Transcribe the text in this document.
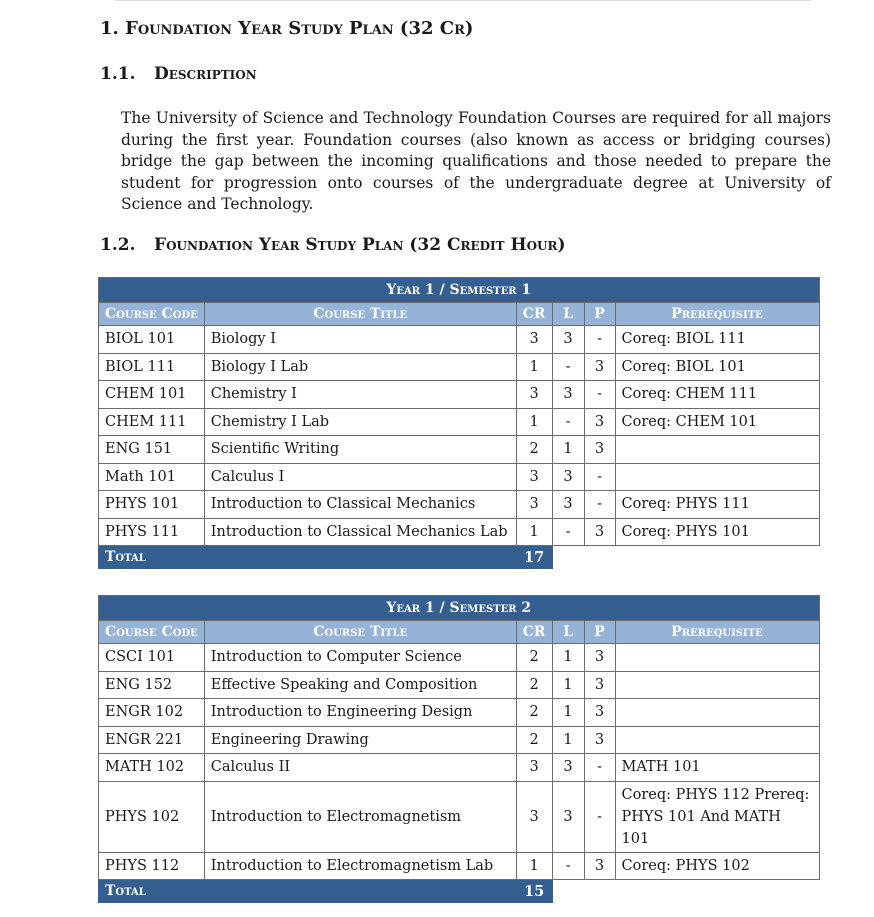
1. Foundation Year Study Plan (32 Cr)
1.1. Description
The University of Science and Technology Foundation Courses are required for all majors during the first year. Foundation courses (also known as access or bridging courses) bridge the gap between the incoming qualifications and those needed to prepare the student for progression onto courses of the undergraduate degree at University of Science and Technology.
1.2. Foundation Year Study Plan (32 Credit Hour)
Year 1 / Semester 1					
Course Code	Course Title	CR	L	P	Prerequisite
BIOL 101	Biology I	3	3	-	Coreq: BIOL 111
BIOL 111	Biology I Lab	1	-	3	Coreq: BIOL 101
CHEM 101	Chemistry I	3	3	-	Coreq: CHEM 111
CHEM 111	Chemistry I Lab	1	-	3	Coreq: CHEM 101
ENG 151	Scientific Writing	2	1	3	
Math 101	Calculus I	3	3	-	
PHYS 101	Introduction to Classical Mechanics	3	3	-	Coreq: PHYS 111
PHYS 111	Introduction to Classical Mechanics Lab	1	-	3	Coreq: PHYS 101
Total		17			
Year 1 / Semester 2					
Course Code	Course Title	CR	L	P	Prerequisite
CSCI 101	Introduction to Computer Science	2	1	3	
ENG 152	Effective Speaking and Composition	2	1	3	
ENGR 102	Introduction to Engineering Design	2	1	3	
ENGR 221	Engineering Drawing	2	1	3	
MATH 102	Calculus II	3	3	-	MATH 101
PHYS 102	Introduction to Electromagnetism	3	3	-	Coreq: PHYS 112 Prereq: PHYS 101 And MATH 101
PHYS 112	Introduction to Electromagnetism Lab	1	-	3	Coreq: PHYS 102
Total		15			
